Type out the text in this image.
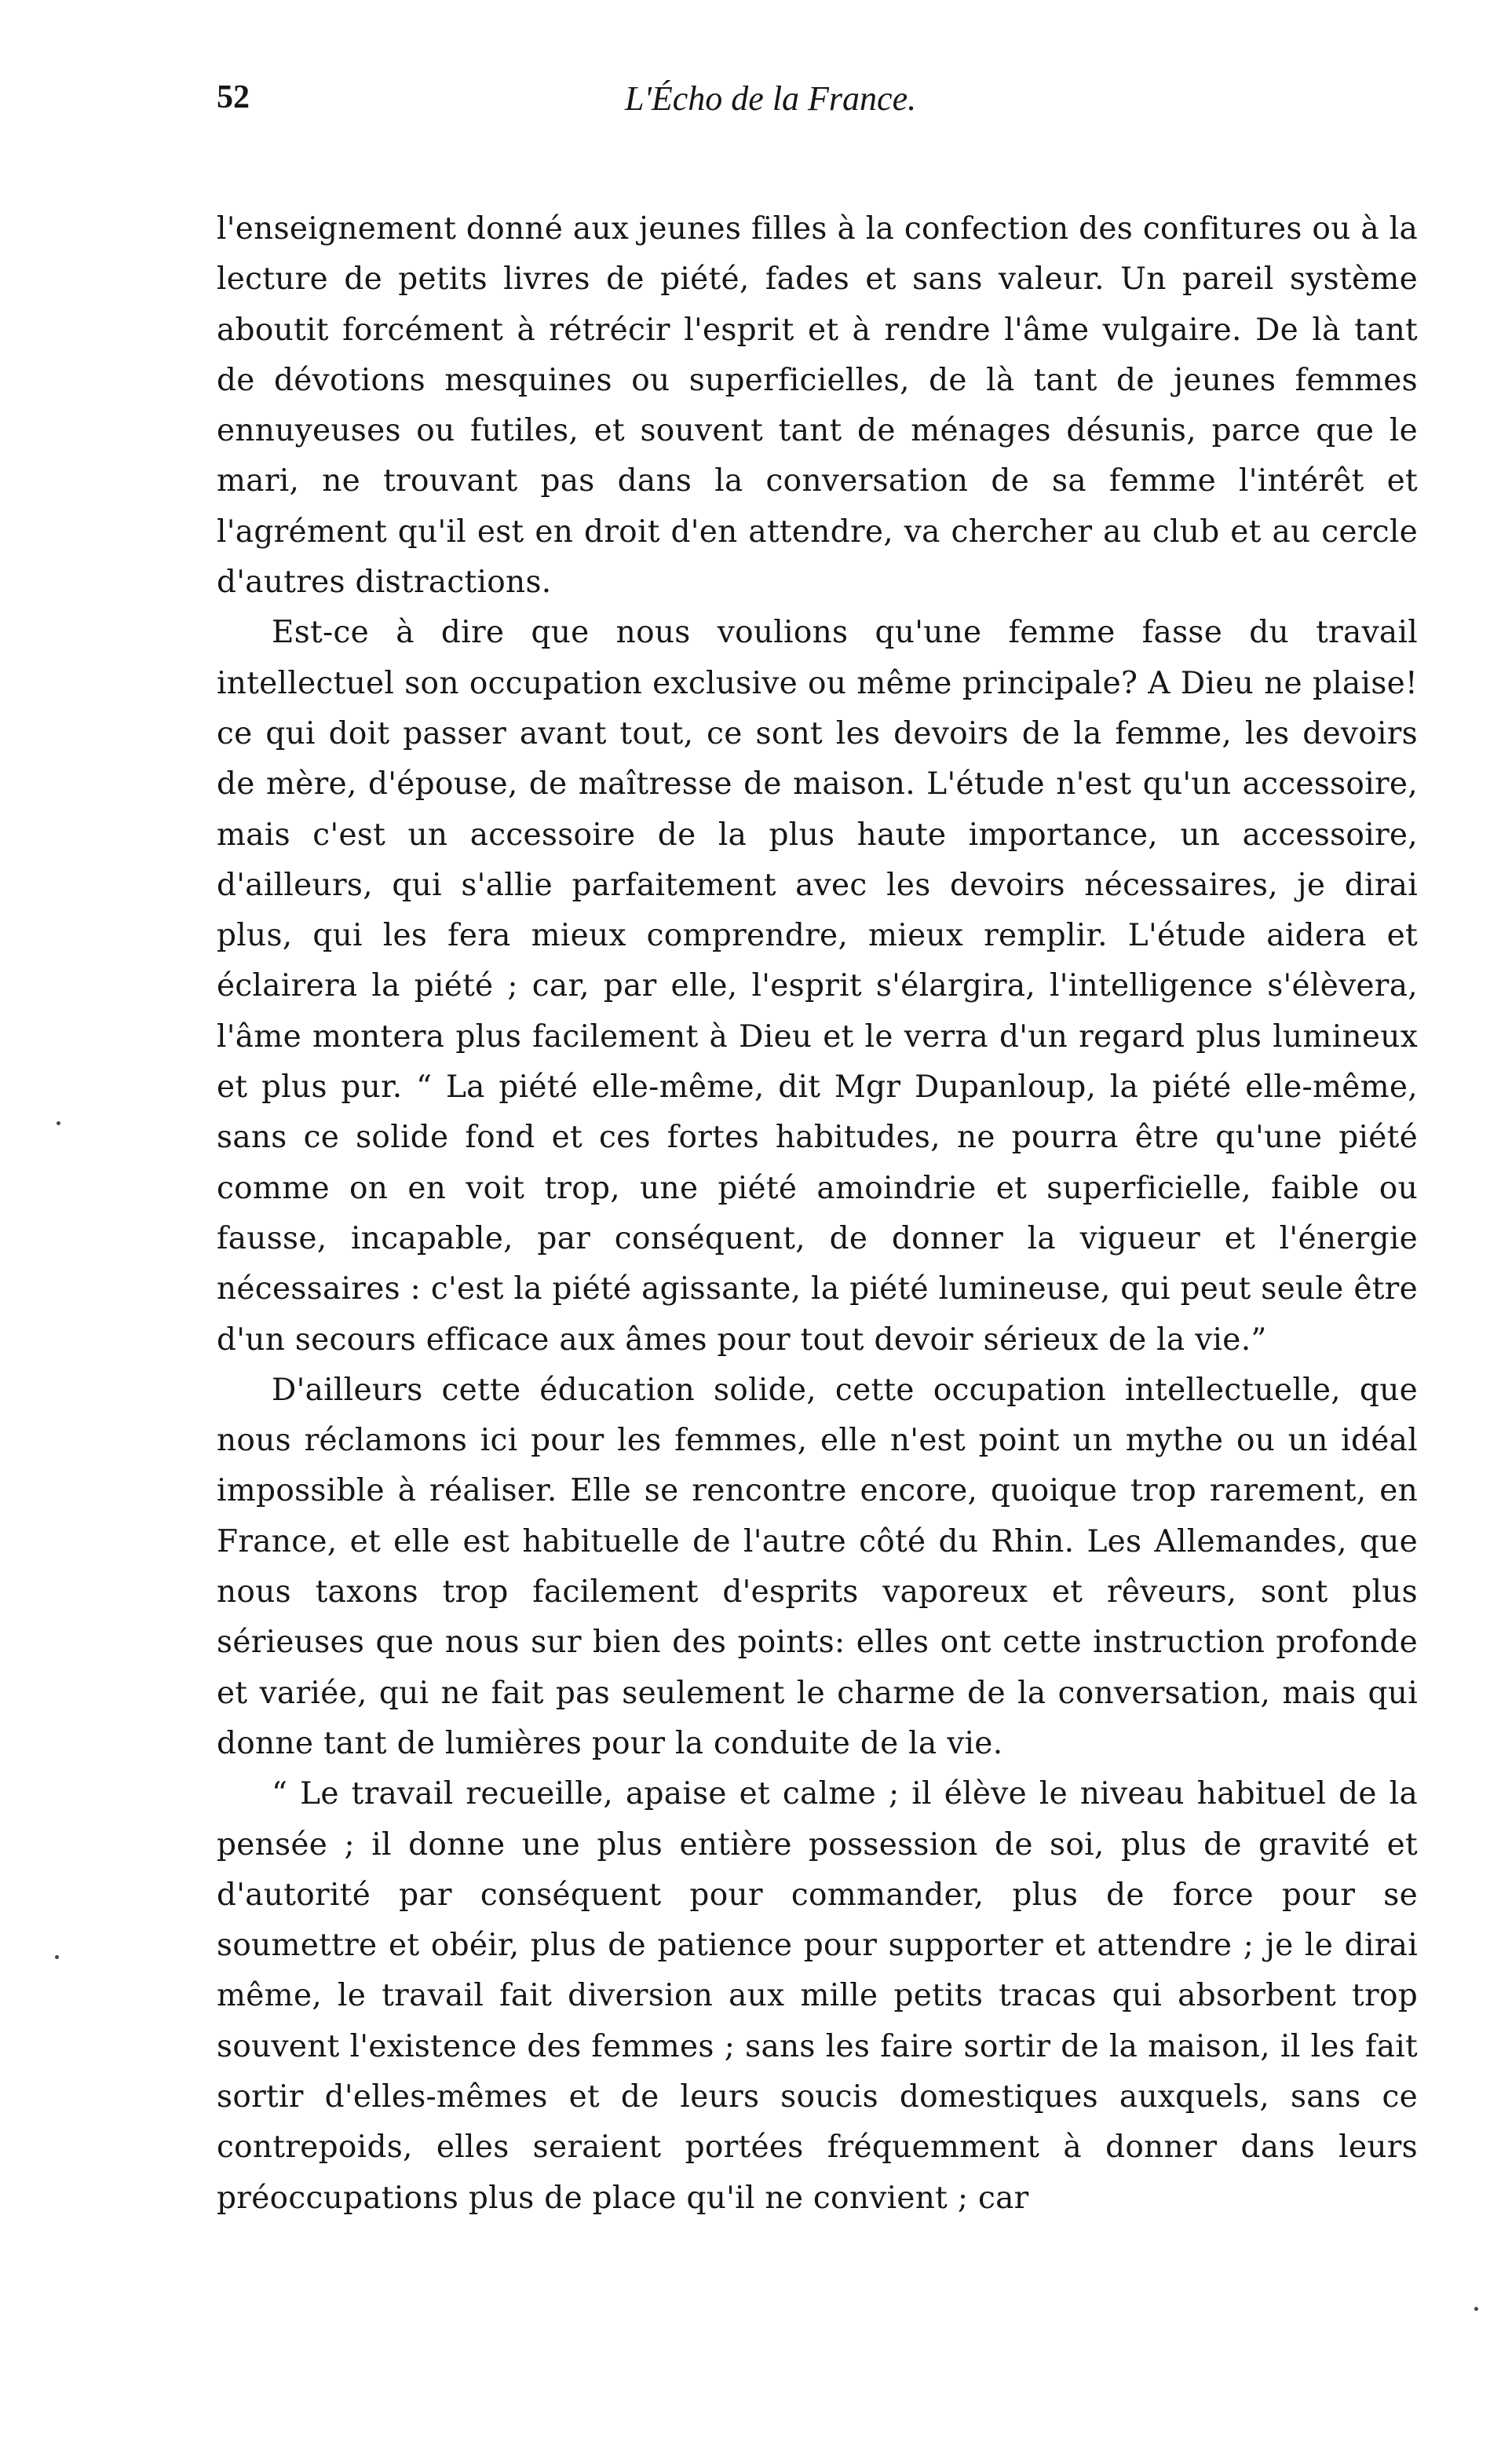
52	L'Écho de la France.

l'enseignement donné aux jeunes filles à la confection des confitures ou à la lecture de petits livres de piété, fades et sans valeur. Un pareil système aboutit forcément à rétrécir l'esprit et à rendre l'âme vulgaire. De là tant de dévotions mesquines ou superficielles, de là tant de jeunes femmes ennuyeuses ou futiles, et souvent tant de ménages désunis, parce que le mari, ne trouvant pas dans la conversation de sa femme l'intérêt et l'agrément qu'il est en droit d'en attendre, va chercher au club et au cercle d'autres distractions.

Est-ce à dire que nous voulions qu'une femme fasse du travail intellectuel son occupation exclusive ou même principale? A Dieu ne plaise! ce qui doit passer avant tout, ce sont les devoirs de la femme, les devoirs de mère, d'épouse, de maîtresse de maison. L'étude n'est qu'un accessoire, mais c'est un accessoire de la plus haute importance, un accessoire, d'ailleurs, qui s'allie parfaitement avec les devoirs nécessaires, je dirai plus, qui les fera mieux comprendre, mieux remplir. L'étude aidera et éclairera la piété ; car, par elle, l'esprit s'élargira, l'intelligence s'élèvera, l'âme montera plus facilement à Dieu et le verra d'un regard plus lumineux et plus pur. “ La piété elle-même, dit Mgr Dupanloup, la piété elle-même, sans ce solide fond et ces fortes habitudes, ne pourra être qu'une piété comme on en voit trop, une piété amoindrie et superficielle, faible ou fausse, incapable, par conséquent, de donner la vigueur et l'énergie nécessaires : c'est la piété agissante, la piété lumineuse, qui peut seule être d'un secours efficace aux âmes pour tout devoir sérieux de la vie.”

D'ailleurs cette éducation solide, cette occupation intellectuelle, que nous réclamons ici pour les femmes, elle n'est point un mythe ou un idéal impossible à réaliser. Elle se rencontre encore, quoique trop rarement, en France, et elle est habituelle de l'autre côté du Rhin. Les Allemandes, que nous taxons trop facilement d'esprits vaporeux et rêveurs, sont plus sérieuses que nous sur bien des points: elles ont cette instruction profonde et variée, qui ne fait pas seulement le charme de la conversation, mais qui donne tant de lumières pour la conduite de la vie.

“ Le travail recueille, apaise et calme ; il élève le niveau habituel de la pensée ; il donne une plus entière possession de soi, plus de gravité et d'autorité par conséquent pour commander, plus de force pour se soumettre et obéir, plus de patience pour supporter et attendre ; je le dirai même, le travail fait diversion aux mille petits tracas qui absorbent trop souvent l'existence des femmes ; sans les faire sortir de la maison, il les fait sortir d'elles-mêmes et de leurs soucis domestiques auxquels, sans ce contrepoids, elles seraient portées fréquemment à donner dans leurs préoccupations plus de place qu'il ne convient ; car
